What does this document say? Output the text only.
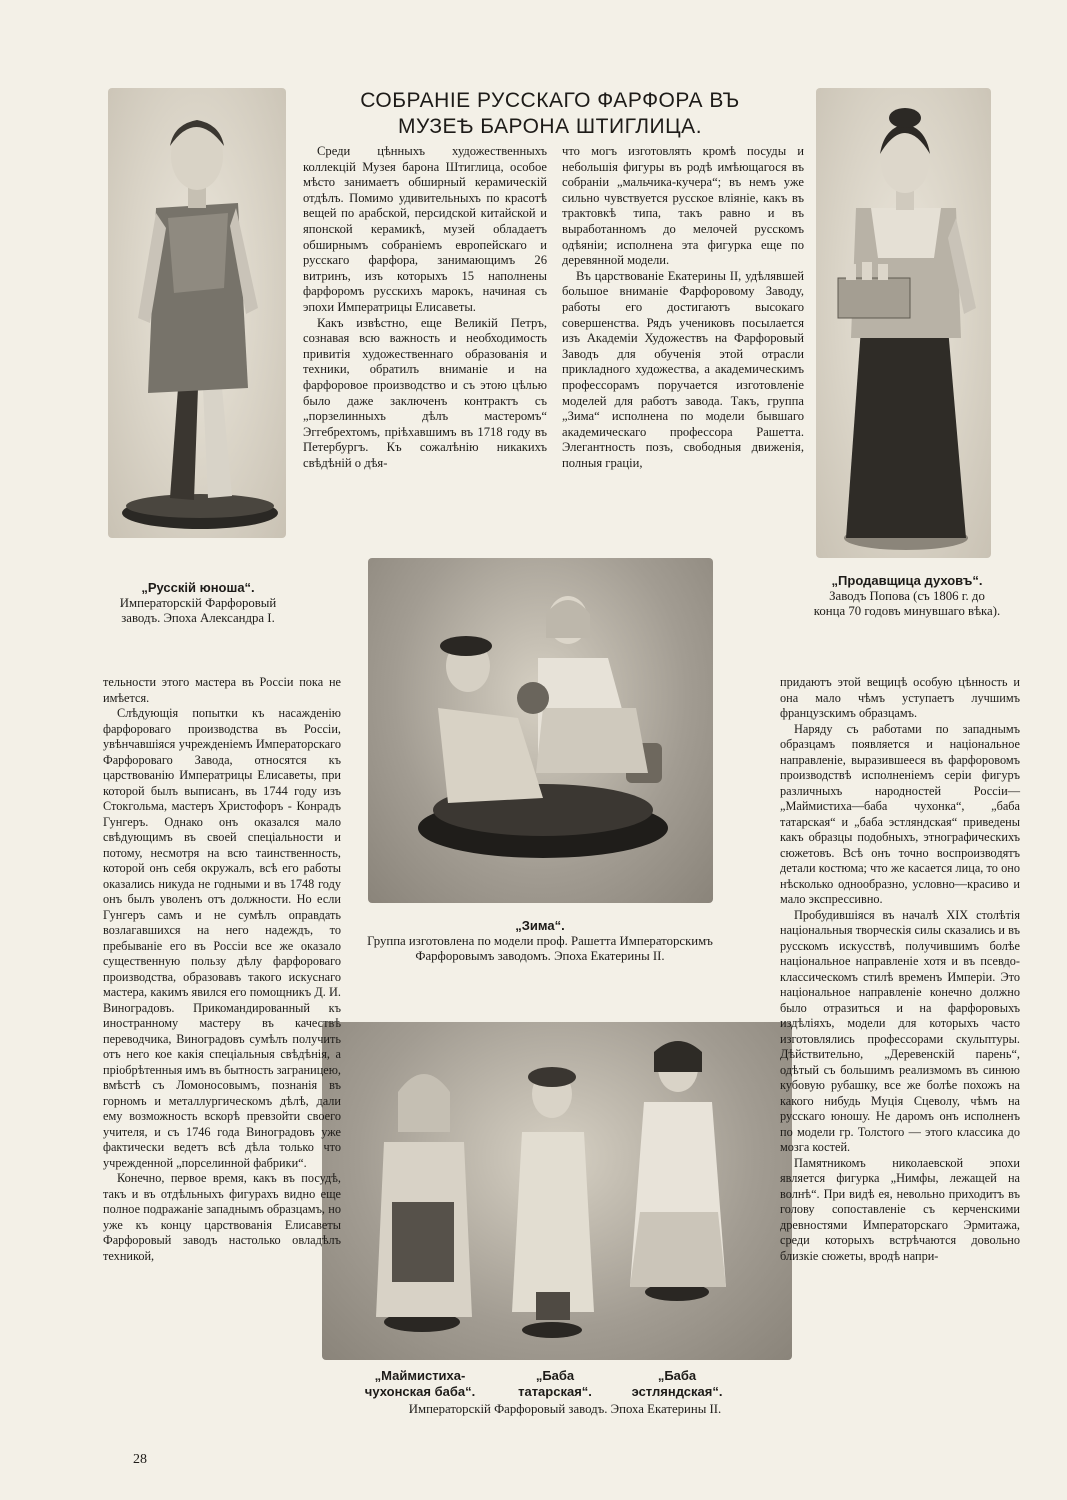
СОБРАНІЕ РУССКАГО ФАРФОРА ВЪ
МУЗЕѢ БАРОНА ШТИГЛИЦА.
„Русскій юноша“.
Императорскій Фарфоровый заводъ. Эпоха Александра I.
„Продавщица духовъ“.
Заводъ Попова (съ 1806 г. до конца 70 годовъ минувшаго вѣка).

Среди цѣнныхъ художественныхъ коллекцій Музея барона Штиглица, особое мѣсто занимаетъ обширный керамическій отдѣлъ. Помимо удивительныхъ по красотѣ вещей по арабской, персидской китайской и японской керамикѣ, музей обладаетъ обширнымъ собраніемъ европейскаго и русскаго фарфора, занимающимъ 26 витринъ, изъ которыхъ 15 наполнены фарфоромъ русскихъ марокъ, начиная съ эпохи Императрицы Елисаветы.

Какъ извѣстно, еще Великій Петръ, сознавая всю важность и необходимость привитія художественнаго образованія и техники, обратилъ вниманіе и на фарфоровое производство и съ этою цѣлью было даже заключенъ контрактъ съ „порзелинныхъ дѣлъ мастеромъ“ Эггебрехтомъ, пріѣхавшимъ въ 1718 году въ Петербургъ. Къ сожалѣнію никакихъ свѣдѣній о дѣя-

что могъ изготовлять кромѣ посуды и небольшія фигуры въ родѣ имѣющагося въ собраніи „мальчика-кучера“; въ немъ уже сильно чувствуется русское вліяніе, какъ въ трактовкѣ типа, такъ равно и въ выработанномъ до мелочей русскомъ одѣяніи; исполнена эта фигурка еще по деревянной модели.

Въ царствованіе Екатерины II, удѣлявшей большое вниманіе Фарфоровому Заводу, работы его достигаютъ высокаго совершенства. Рядъ учениковъ посылается изъ Академіи Художествъ на Фарфоровый Заводъ для обученія этой отрасли прикладного художества, а академическимъ профессорамъ поручается изготовленіе моделей для работъ завода. Такъ, группа „Зима“ исполнена по модели бывшаго академическаго профессора Рашетта. Элегантность позъ, свободныя движенія, полныя граціи,

„Зима“.
Группа изготовлена по модели проф. Рашетта Императорскимъ Фарфоровымъ заводомъ. Эпоха Екатерины II.
„Маймистиха-чухонская баба“.
„Баба татарская“.
„Баба эстляндская“.
Императорскій Фарфоровый заводъ. Эпоха Екатерины II.

тельности этого мастера въ Россіи пока не имѣется.

Слѣдующія попытки къ насажденію фарфороваго производства въ Россіи, увѣнчавшіяся учрежденіемъ Императорскаго Фарфороваго Завода, относятся къ царствованію Императрицы Елисаветы, при которой былъ выписанъ, въ 1744 году изъ Стокгольма, мастеръ Христофоръ - Конрадъ Гунгеръ. Однако онъ оказался мало свѣдующимъ въ своей спеціальности и потому, несмотря на всю таинственность, которой онъ себя окружалъ, всѣ его работы оказались никуда не годными и въ 1748 году онъ былъ уволенъ отъ должности. Но если Гунгеръ самъ и не сумѣлъ оправдать возлагавшихся на него надеждъ, то пребываніе его въ Россіи все же оказало существенную пользу дѣлу фарфороваго производства, образовавъ такого искуснаго мастера, какимъ явился его помощникъ Д. И. Виноградовъ. Прикомандированный къ иностранному мастеру въ качествѣ переводчика, Виноградовъ сумѣлъ получить отъ него кое какія спеціальныя свѣдѣнія, а пріобрѣтенныя имъ въ бытность заграницею, вмѣстѣ съ Ломоносовымъ, познанія въ горномъ и металлургическомъ дѣлѣ, дали ему возможность вскорѣ превзойти своего учителя, и съ 1746 года Виноградовъ уже фактически ведетъ всѣ дѣла только что учрежденной „порселинной фабрики“.

Конечно, первое время, какъ въ посудѣ, такъ и въ отдѣльныхъ фигурахъ видно еще полное подражаніе западнымъ образцамъ, но уже къ концу царствованія Елисаветы Фарфоровый заводъ настолько овладѣлъ техникой,

придаютъ этой вещицѣ особую цѣнность и она мало чѣмъ уступаетъ лучшимъ французскимъ образцамъ.

Наряду съ работами по западнымъ образцамъ появляется и національное направленіе, выразившееся въ фарфоровомъ производствѣ исполненіемъ серіи фигуръ различныхъ народностей Россіи— „Маймистиха—баба чухонка“, „баба татарская“ и „баба эстляндская“ приведены какъ образцы подобныхъ, этнографическихъ сюжетовъ. Всѣ онъ точно воспроизводятъ детали костюма; что же касается лица, то оно нѣсколько однообразно, условно—красиво и мало экспрессивно.

Пробудившіяся въ началѣ XIX столѣтія національныя творческія силы сказались и въ русскомъ искусствѣ, получившимъ болѣе національное направленіе хотя и въ псевдо-классическомъ стилѣ временъ Имперіи. Это національное направленіе конечно должно было отразиться и на фарфоровыхъ издѣліяхъ, модели для которыхъ часто изготовлялись профессорами скульптуры. Дѣйствительно, „Деревенскій парень“, одѣтый съ большимъ реализмомъ въ синюю кубовую рубашку, все же болѣе похожъ на какого нибудь Муція Сцеволу, чѣмъ на русскаго юношу. Не даромъ онъ исполненъ по модели гр. Толстого — этого классика до мозга костей.

Памятникомъ николаевской эпохи является фигурка „Нимфы, лежащей на волнѣ“. При видѣ ея, невольно приходитъ въ голову сопоставленіе съ керченскими древностями Императорскаго Эрмитажа, среди которыхъ встрѣчаются довольно близкіе сюжеты, вродѣ напри-

28
